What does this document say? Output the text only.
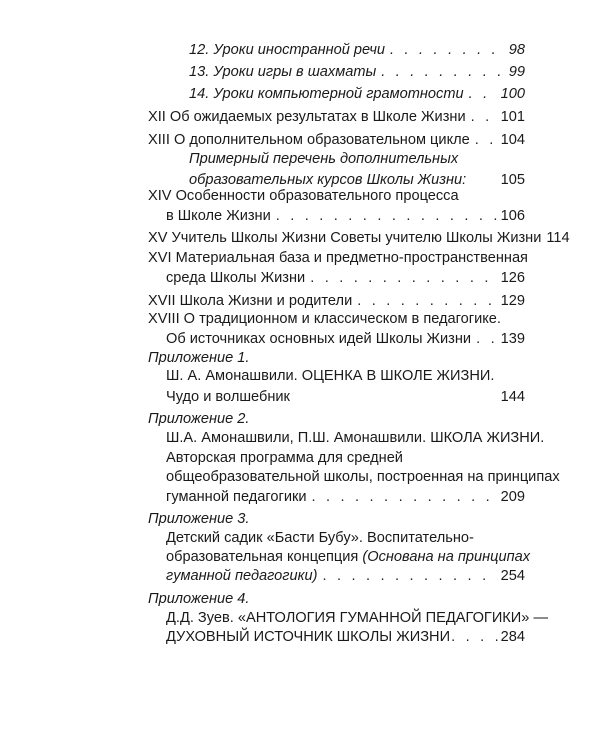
12. Уроки иностранной речи . . .	98
13. Уроки игры в шахматы . . .	99
14. Уроки компьютерной грамотности . . .	100
XII Об ожидаемых результатах в Школе Жизни . . . 101
XIII О дополнительном образовательном цикле . . . 104
Примерный перечень дополнительных
образовательных курсов Школы Жизни: 105
XIV Особенности образовательного процесса
в Школе Жизни . . .	106
XV Учитель Школы Жизни Советы учителю Школы Жизни 114
XVI Материальная база и предметно-пространственная
среда Школы Жизни . . .	126
XVII Школа Жизни и родители . . .	129
XVIII О традиционном и классическом в педагогике.
Об источниках основных идей Школы Жизни . . . 139
Приложение 1.
Ш. А. Амонашвили. ОЦЕНКА В ШКОЛЕ ЖИЗНИ.
Чудо и волшебник	144
Приложение 2.
Ш.А. Амонашвили, П.Ш. Амонашвили. ШКОЛА ЖИЗНИ.
Авторская программа для средней
общеобразовательной школы, построенная на принципах
гуманной педагогики . . .	209
Приложение 3.
Детский садик «Басти Бубу». Воспитательно-
образовательная концепция (Основана на принципах
гуманной педагогики) . . .	254
Приложение 4.
Д.Д. Зуев. «АНТОЛОГИЯ ГУМАННОЙ ПЕДАГОГИКИ» —
ДУХОВНЫЙ ИСТОЧНИК ШКОЛЫ ЖИЗНИ . . .	284
